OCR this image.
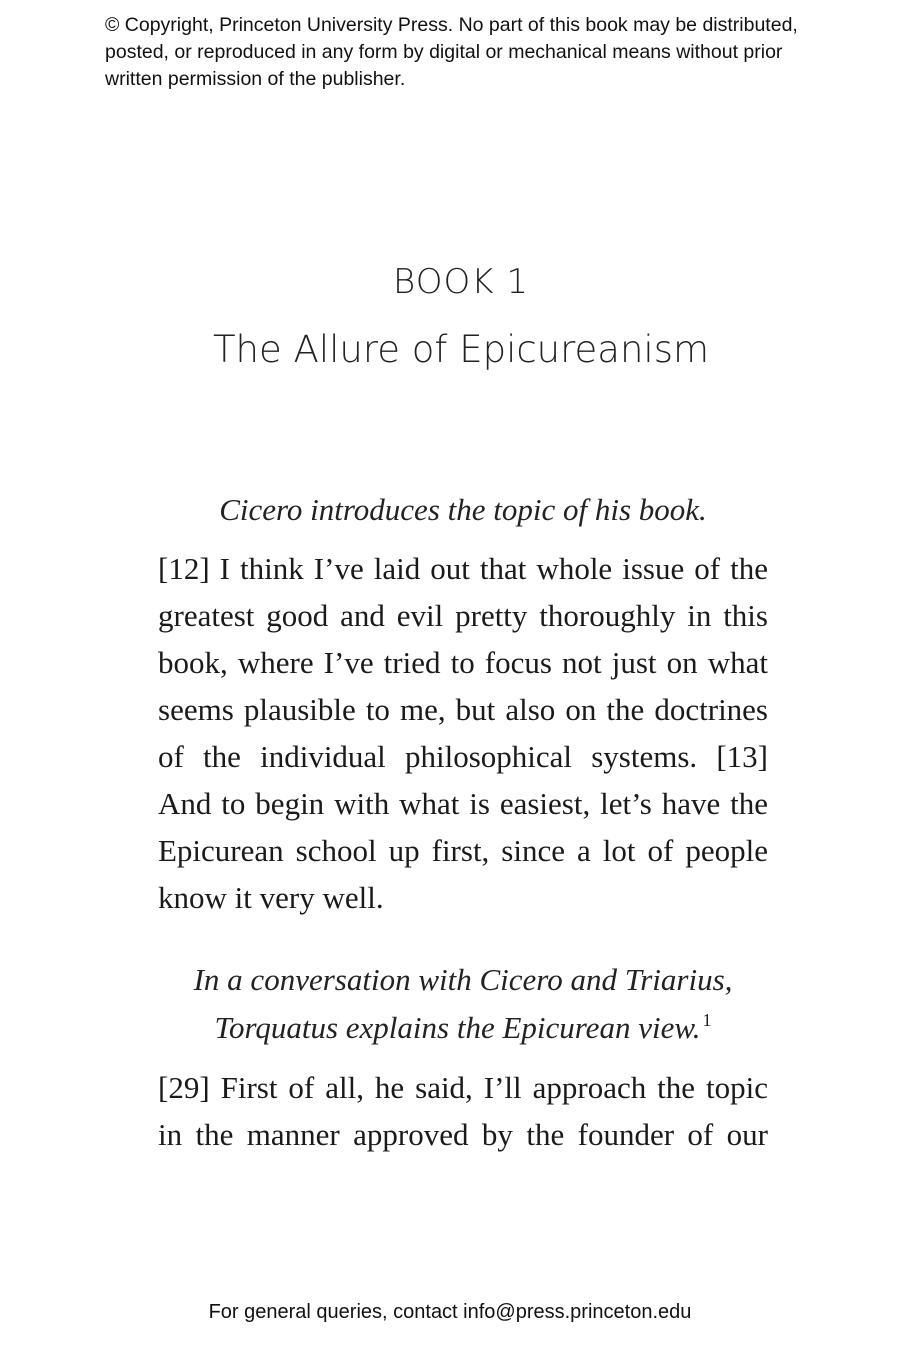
© Copyright, Princeton University Press. No part of this book may be distributed, posted, or reproduced in any form by digital or mechanical means without prior written permission of the publisher.

BOOK 1
The Allure of Epicureanism

Cicero introduces the topic of his book.

[12] I think I’ve laid out that whole issue of the greatest good and evil pretty thoroughly in this book, where I’ve tried to focus not just on what seems plausible to me, but also on the doctrines of the individual philosophical systems. [13] And to begin with what is easiest, let’s have the Epicurean school up first, since a lot of people know it very well.

In a conversation with Cicero and Triarius, Torquatus explains the Epicurean view. $^1$

[29] First of all, he said, I’ll approach the topic in the manner approved by the founder of our

For general queries, contact info@press.princeton.edu
